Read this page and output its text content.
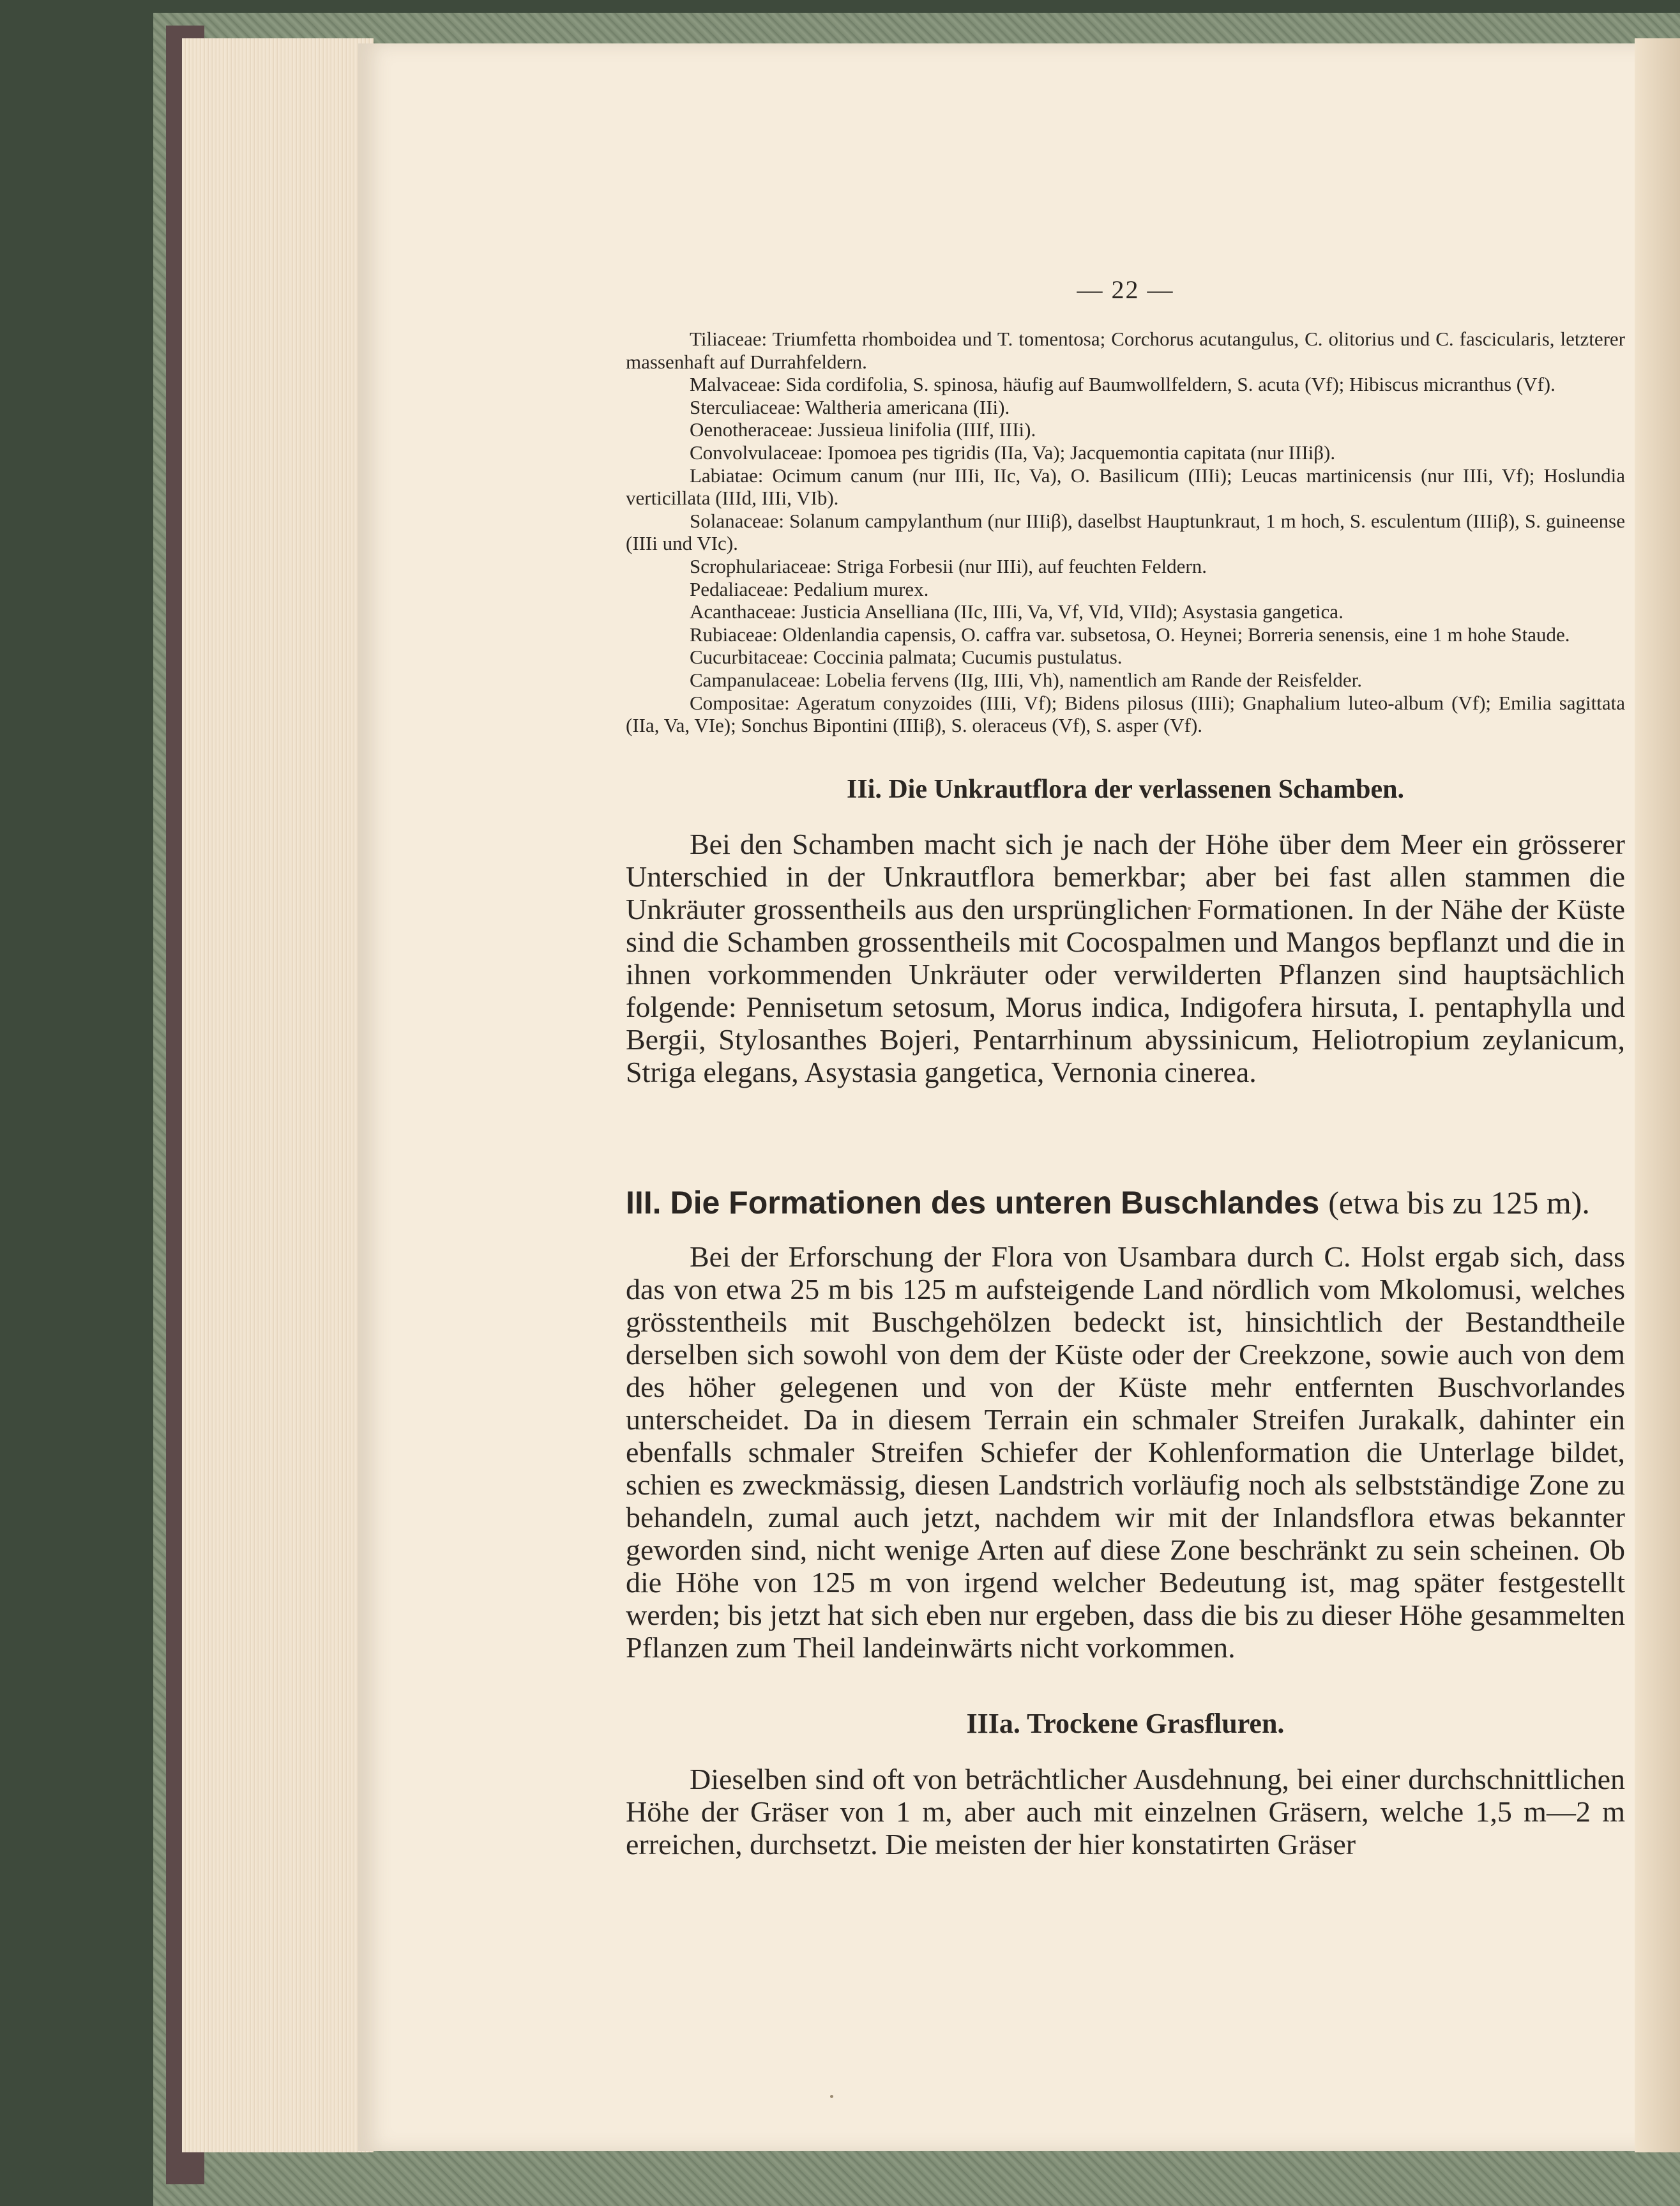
— 22 —

Tiliaceae: Triumfetta rhomboidea und T. tomentosa; Corchorus acutangulus, C. olitorius und C. fascicularis, letzterer massenhaft auf Durrahfeldern.

Malvaceae: Sida cordifolia, S. spinosa, häufig auf Baumwollfeldern, S. acuta (Vf); Hibiscus micranthus (Vf).

Sterculiaceae: Waltheria americana (IIi).

Oenotheraceae: Jussieua linifolia (IIIf, IIIi).

Convolvulaceae: Ipomoea pes tigridis (IIa, Va); Jacquemontia capitata (nur IIIiβ).

Labiatae: Ocimum canum (nur IIIi, IIc, Va), O. Basilicum (IIIi); Leucas martinicensis (nur IIIi, Vf); Hoslundia verticillata (IIId, IIIi, VIb).

Solanaceae: Solanum campylanthum (nur IIIiβ), daselbst Hauptunkraut, 1 m hoch, S. esculentum (IIIiβ), S. guineense (IIIi und VIc).

Scrophulariaceae: Striga Forbesii (nur IIIi), auf feuchten Feldern.

Pedaliaceae: Pedalium murex.

Acanthaceae: Justicia Anselliana (IIc, IIIi, Va, Vf, VId, VIId); Asystasia gangetica.

Rubiaceae: Oldenlandia capensis, O. caffra var. subsetosa, O. Heynei; Borreria senensis, eine 1 m hohe Staude.

Cucurbitaceae: Coccinia palmata; Cucumis pustulatus.

Campanulaceae: Lobelia fervens (IIg, IIIi, Vh), namentlich am Rande der Reisfelder.

Compositae: Ageratum conyzoides (IIIi, Vf); Bidens pilosus (IIIi); Gnaphalium luteo-album (Vf); Emilia sagittata (IIa, Va, VIe); Sonchus Bipontini (IIIiβ), S. oleraceus (Vf), S. asper (Vf).

IIi. Die Unkrautflora der verlassenen Schamben.

Bei den Schamben macht sich je nach der Höhe über dem Meer ein grösserer Unterschied in der Unkrautflora bemerkbar; aber bei fast allen stammen die Unkräuter grossentheils aus den ursprünglichen Formationen. In der Nähe der Küste sind die Schamben grossentheils mit Cocospalmen und Mangos bepflanzt und die in ihnen vorkommenden Unkräuter oder verwilderten Pflanzen sind hauptsächlich folgende: Pennisetum setosum, Morus indica, Indigofera hirsuta, I. pentaphylla und Bergii, Stylosanthes Bojeri, Pentarrhinum abyssinicum, Heliotropium zeylanicum, Striga elegans, Asystasia gangetica, Vernonia cinerea.

III. Die Formationen des unteren Buschlandes (etwa bis zu 125 m).

Bei der Erforschung der Flora von Usambara durch C. Holst ergab sich, dass das von etwa 25 m bis 125 m aufsteigende Land nördlich vom Mkolomusi, welches grösstentheils mit Buschgehölzen bedeckt ist, hinsichtlich der Bestandtheile derselben sich sowohl von dem der Küste oder der Creekzone, sowie auch von dem des höher gelegenen und von der Küste mehr entfernten Buschvorlandes unterscheidet. Da in diesem Terrain ein schmaler Streifen Jurakalk, dahinter ein ebenfalls schmaler Streifen Schiefer der Kohlenformation die Unterlage bildet, schien es zweckmässig, diesen Landstrich vorläufig noch als selbstständige Zone zu behandeln, zumal auch jetzt, nachdem wir mit der Inlandsflora etwas bekannter geworden sind, nicht wenige Arten auf diese Zone beschränkt zu sein scheinen. Ob die Höhe von 125 m von irgend welcher Bedeutung ist, mag später festgestellt werden; bis jetzt hat sich eben nur ergeben, dass die bis zu dieser Höhe gesammelten Pflanzen zum Theil landeinwärts nicht vorkommen.

IIIa. Trockene Grasfluren.

Dieselben sind oft von beträchtlicher Ausdehnung, bei einer durchschnittlichen Höhe der Gräser von 1 m, aber auch mit einzelnen Gräsern, welche 1,5 m—2 m erreichen, durchsetzt. Die meisten der hier konstatirten Gräser
